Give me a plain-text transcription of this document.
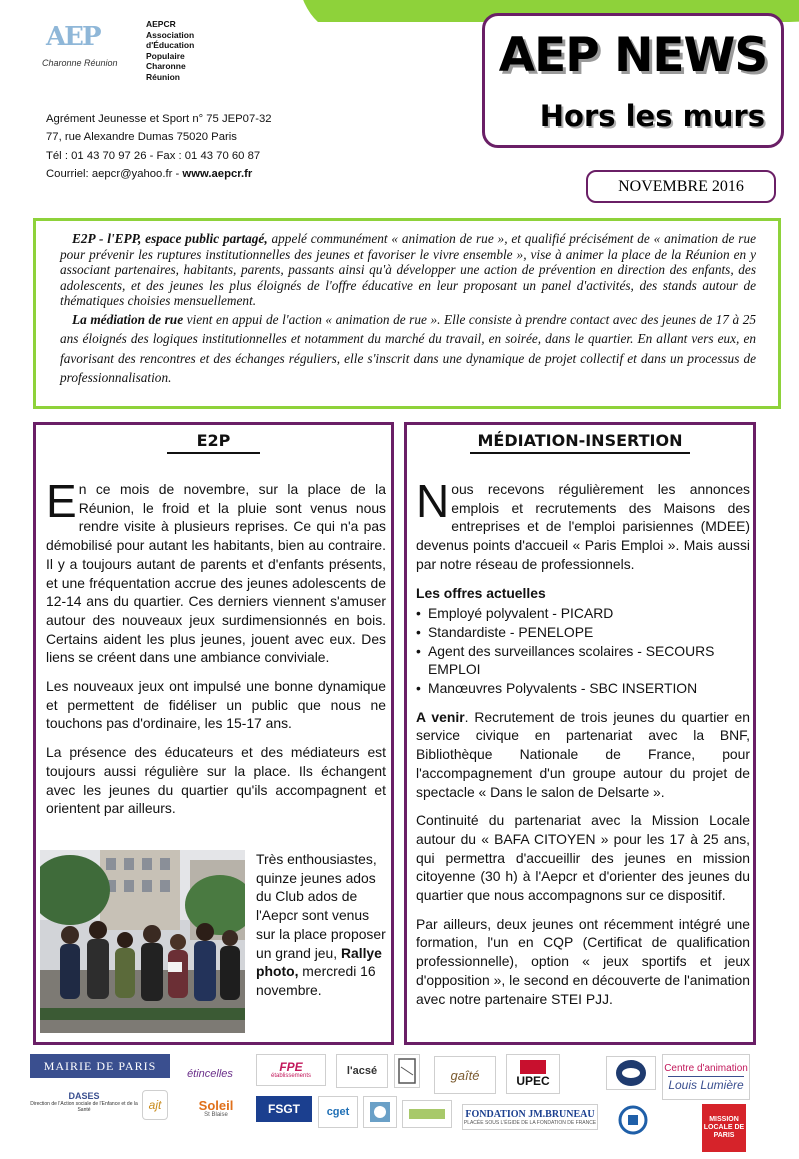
AEP
Charonne Réunion
AEPCR
Association
d'Éducation
Populaire
Charonne
Réunion
Agrément Jeunesse et Sport n° 75 JEP07-32
77, rue Alexandre Dumas 75020 Paris
Tél : 01 43 70 97 26 - Fax : 01 43 70 60 87
Courriel: aepcr@yahoo.fr - www.aepcr.fr
AEP NEWS
Hors les murs
NOVEMBRE 2016

E2P - l'EPP, espace public partagé, appelé communément « animation de rue », et qualifié précisément de « animation de rue pour prévenir les ruptures institutionnelles des jeunes et favoriser le vivre ensemble », vise à animer la place de la Réunion en y associant partenaires, habitants, parents, passants ainsi qu'à développer une action de prévention en direction des enfants, des adolescents, et des jeunes les plus éloignés de l'offre éducative en leur proposant un panel d'activités, des stands autour de thématiques choisies mensuellement.

La médiation de rue vient en appui de l'action « animation de rue ». Elle consiste à prendre contact avec des jeunes de 17 à 25 ans éloignés des logiques institutionnelles et notamment du marché du travail, en soirée, dans le quartier. En allant vers eux, en favorisant des rencontres et des échanges réguliers, elle s'inscrit dans une dynamique de projet collectif et dans un processus de professionnalisation.

E2P

En ce mois de novembre, sur la place de la Réunion, le froid et la pluie sont venus nous rendre visite à plusieurs reprises. Ce qui n'a pas démobilisé pour autant les habitants, bien au contraire. Il y a toujours autant de parents et d'enfants présents, et une fréquentation accrue des jeunes adolescents de 12-14 ans du quartier. Ces derniers viennent s'amuser autour des nouveaux jeux surdimensionnés en bois. Certains aident les plus jeunes, jouent avec eux. Des liens se créent dans une ambiance conviviale.

Les nouveaux jeux ont impulsé une bonne dynamique et permettent de fidéliser un public que nous ne touchons pas d'ordinaire, les 15-17 ans.

La présence des éducateurs et des médiateurs est toujours aussi régulière sur la place. Ils échangent avec les jeunes du quartier qu'ils accompagnent et orientent par ailleurs.

Très enthousiastes, quinze jeunes ados du Club ados de l'Aepcr sont venus sur la place proposer un grand jeu, Rallye photo, mercredi 16 novembre.
MÉDIATION-INSERTION

Nous recevons régulièrement les annonces emplois et recrutements des Maisons des entreprises et de l'emploi parisiennes (MDEE) devenus points d'accueil « Paris Emploi ». Mais aussi par notre réseau de professionnels.

Les offres actuelles
• Employé polyvalent - PICARD
• Standardiste - PENELOPE
• Agent des surveillances scolaires - SECOURS EMPLOI
• Manœuvres Polyvalents - SBC INSERTION

A venir. Recrutement de trois jeunes du quartier en service civique en partenariat avec la BNF, Bibliothèque Nationale de France, pour l'accompagnement d'un groupe autour du projet de spectacle « Dans le salon de Delsarte ».

Continuité du partenariat avec la Mission Locale autour du « BAFA CITOYEN » pour les 17 à 25 ans, qui permettra d'accueillir des jeunes en mission citoyenne (30 h) à l'Aepcr et d'orienter des jeunes du quartier que nous accompagnons sur ce dispositif.

Par ailleurs, deux jeunes ont récemment intégré une formation, l'un en CQP (Certificat de qualification professionnelle), option « jeux sportifs et jeux d'opposition », le second en découverte de l'animation avec notre partenaire STEI PJJ.

MAIRIE DE PARIS
DASES
Direction de l'Action sociale de l'Enfance et de la Santé	ajt
étincelles
Soleil
St Blaise
FPE
établissements
FSGT
l'acsé
cget
gaîté
FONDATION JM.BRUNEAU
PLACÉE SOUS L'ÉGIDE DE LA FONDATION DE FRANCE
UPEC
Centre d'animation
Louis Lumière
MISSION LOCALE DE PARIS
